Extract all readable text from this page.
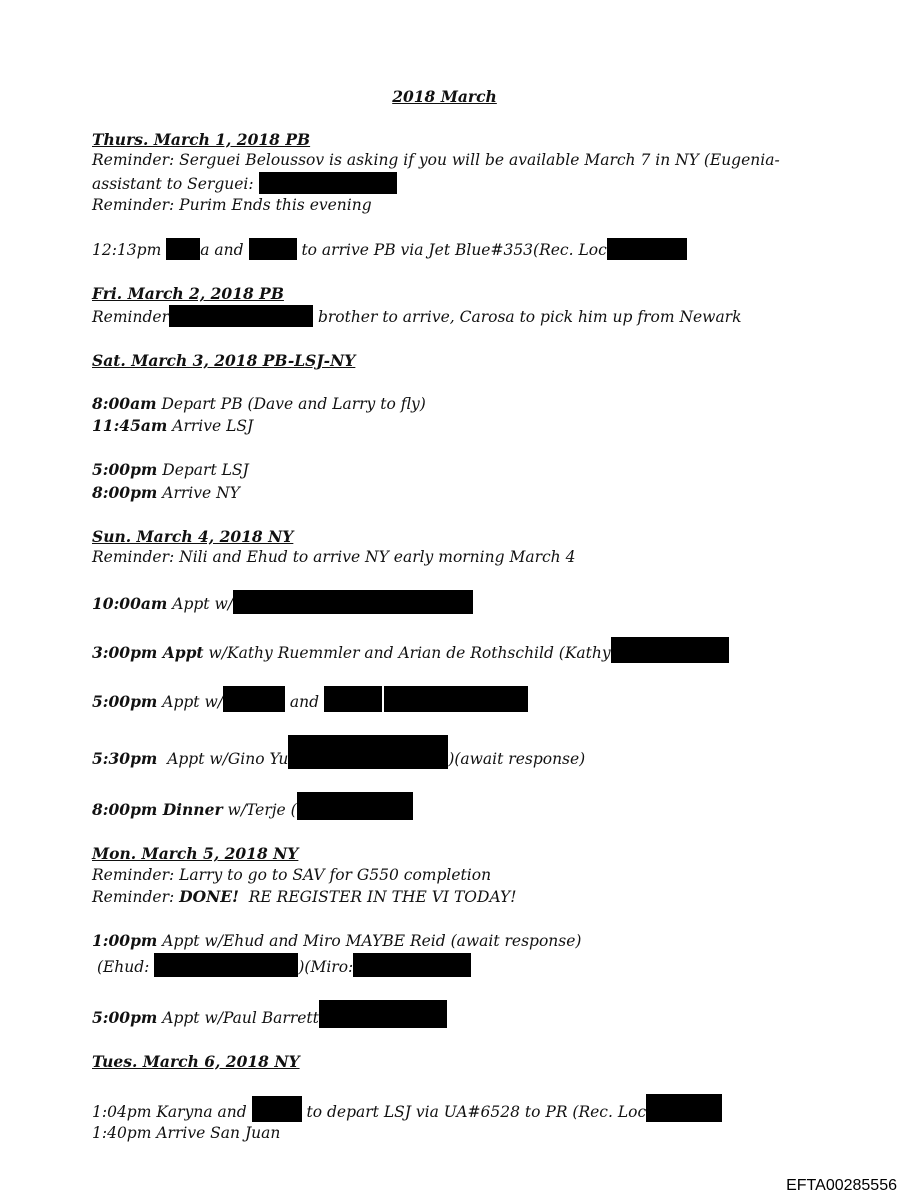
2018 March
Thurs. March 1, 2018 PB
Reminder: Serguei Beloussov is asking if you will be available March 7 in NY (Eugenia-
assistant to Serguei:
Reminder: Purim Ends this evening
12:13pm	a and	to arrive PB via Jet Blue#353(Rec. Loc
Fri. March 2, 2018 PB
Reminder	brother to arrive, Carosa to pick him up from Newark
Sat. March 3, 2018 PB-LSJ-NY
8:00am Depart PB (Dave and Larry to fly)
11:45am Arrive LSJ
5:00pm Depart LSJ
8:00pm Arrive NY
Sun. March 4, 2018 NY
Reminder: Nili and Ehud to arrive NY early morning March 4
10:00am Appt w/
3:00pm Appt w/Kathy Ruemmler and Arian de Rothschild (Kathy
5:00pm Appt w/	and
5:30pm Appt w/Gino Yu	)(await response)
8:00pm Dinner w/Terje (
Mon. March 5, 2018 NY
Reminder: Larry to go to SAV for G550 completion
Reminder: DONE! RE REGISTER IN THE VI TODAY!
1:00pm Appt w/Ehud and Miro MAYBE Reid (await response)
(Ehud:	)(Miro:
5:00pm Appt w/Paul Barrett
Tues. March 6, 2018 NY
1:04pm Karyna and	to depart LSJ via UA#6528 to PR (Rec. Loc
1:40pm Arrive San Juan
EFTA00285556
